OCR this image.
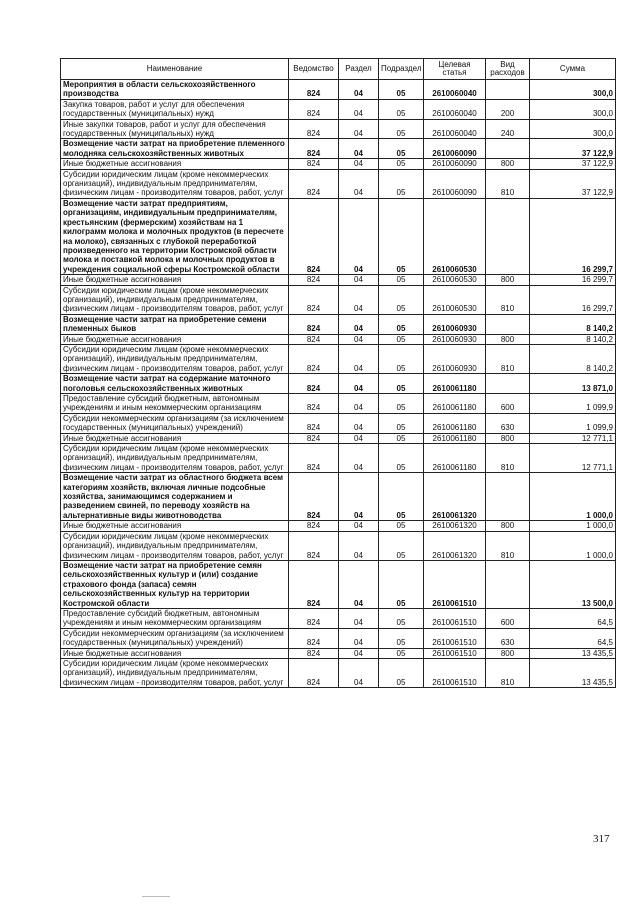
Наименование	Ведомство	Раздел	Подраздел	Целевая статья	Вид расходов	Сумма
Мероприятия в области сельскохозяйственного производства	824	04	05	2610060040		300,0
Закупка товаров, работ и услуг для обеспечения государственных (муниципальных) нужд	824	04	05	2610060040	200	300,0
Иные закупки товаров, работ и услуг для обеспечения государственных (муниципальных) нужд	824	04	05	2610060040	240	300,0
Возмещение части затрат на приобретение племенного молодняка сельскохозяйственных животных	824	04	05	2610060090		37 122,9
Иные бюджетные ассигнования	824	04	05	2610060090	800	37 122,9
Субсидии юридическим лицам (кроме некоммерческих организаций), индивидуальным предпринимателям, физическим лицам - производителям товаров, работ, услуг	824	04	05	2610060090	810	37 122,9
Возмещение части затрат предприятиям, организациям, индивидуальным предпринимателям, крестьянским (фермерским) хозяйствам на 1 килограмм молока и молочных продуктов (в пересчете на молоко), связанных с глубокой переработкой произведенного на территории Костромской области молока и поставкой молока и молочных продуктов в учреждения социальной сферы Костромской области	824	04	05	2610060530		16 299,7
Иные бюджетные ассигнования	824	04	05	2610060530	800	16 299,7
Субсидии юридическим лицам (кроме некоммерческих организаций), индивидуальным предпринимателям, физическим лицам - производителям товаров, работ, услуг	824	04	05	2610060530	810	16 299,7
Возмещение части затрат на приобретение семени племенных быков	824	04	05	2610060930		8 140,2
Иные бюджетные ассигнования	824	04	05	2610060930	800	8 140,2
Субсидии юридическим лицам (кроме некоммерческих организаций), индивидуальным предпринимателям, физическим лицам - производителям товаров, работ, услуг	824	04	05	2610060930	810	8 140,2
Возмещение части затрат на содержание маточного поголовья сельскохозяйственных животных	824	04	05	2610061180		13 871,0
Предоставление субсидий бюджетным, автономным учреждениям и иным некоммерческим организациям	824	04	05	2610061180	600	1 099,9
Субсидии некоммерческим организациям (за исключением государственных (муниципальных) учреждений)	824	04	05	2610061180	630	1 099,9
Иные бюджетные ассигнования	824	04	05	2610061180	800	12 771,1
Субсидии юридическим лицам (кроме некоммерческих организаций), индивидуальным предпринимателям, физическим лицам - производителям товаров, работ, услуг	824	04	05	2610061180	810	12 771,1
Возмещение части затрат из областного бюджета всем категориям хозяйств, включая личные подсобные хозяйства, занимающимся содержанием и разведением свиней, по переводу хозяйств на альтернативные виды животноводства	824	04	05	2610061320		1 000,0
Иные бюджетные ассигнования	824	04	05	2610061320	800	1 000,0
Субсидии юридическим лицам (кроме некоммерческих организаций), индивидуальным предпринимателям, физическим лицам - производителям товаров, работ, услуг	824	04	05	2610061320	810	1 000,0
Возмещение части затрат на приобретение семян сельскохозяйственных культур и (или) создание страхового фонда (запаса) семян сельскохозяйственных культур на территории Костромской области	824	04	05	2610061510		13 500,0
Предоставление субсидий бюджетным, автономным учреждениям и иным некоммерческим организациям	824	04	05	2610061510	600	64,5
Субсидии некоммерческим организациям (за исключением государственных (муниципальных) учреждений)	824	04	05	2610061510	630	64,5
Иные бюджетные ассигнования	824	04	05	2610061510	800	13 435,5
Субсидии юридическим лицам (кроме некоммерческих организаций), индивидуальным предпринимателям, физическим лицам - производителям товаров, работ, услуг	824	04	05	2610061510	810	13 435,5
317
